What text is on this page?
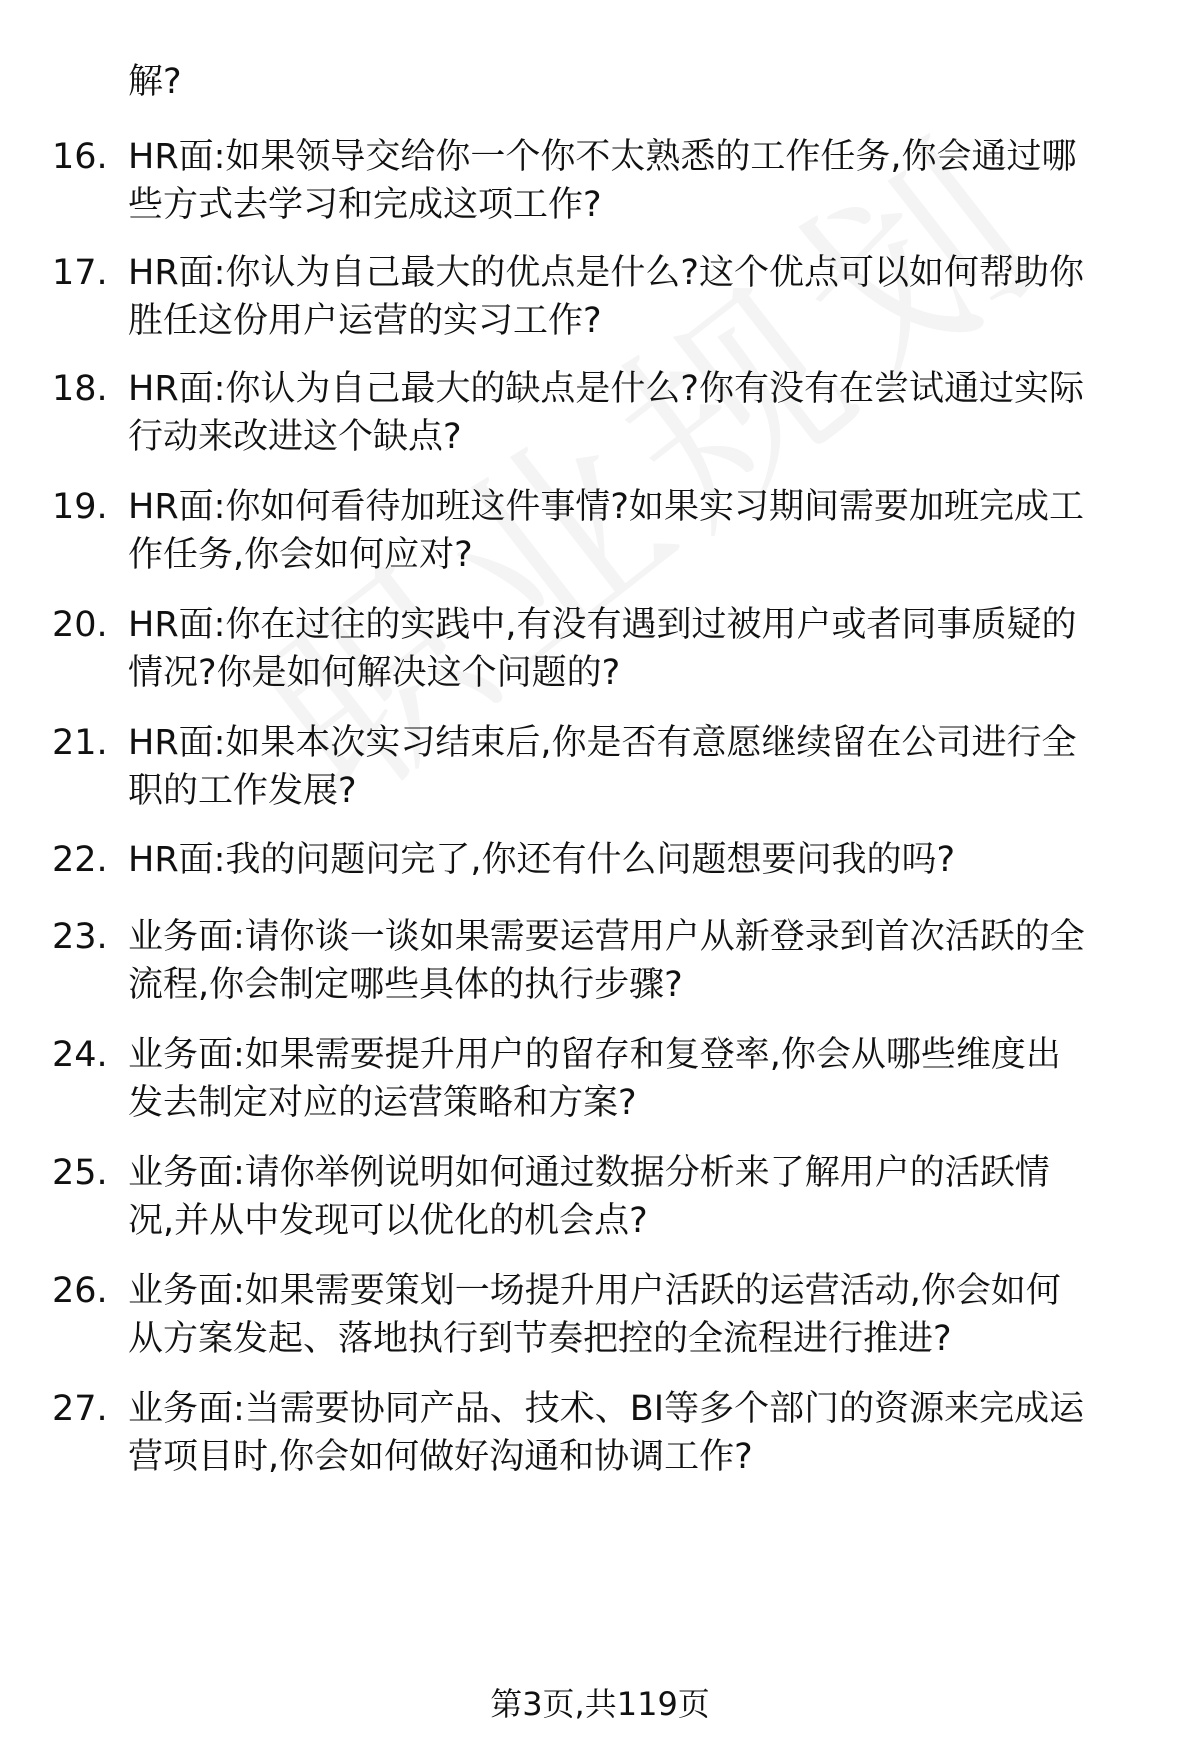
解?
16. HR面:如果领导交给你一个你不太熟悉的工作任务,你会通过哪
些方式去学习和完成这项工作?
17. HR面:你认为自己最大的优点是什么?这个优点可以如何帮助你
胜任这份用户运营的实习工作?
18. HR面:你认为自己最大的缺点是什么?你有没有在尝试通过实际
行动来改进这个缺点?
19. HR面:你如何看待加班这件事情?如果实习期间需要加班完成工
作任务,你会如何应对?
20. HR面:你在过往的实践中,有没有遇到过被用户或者同事质疑的
情况?你是如何解决这个问题的?
21. HR面:如果本次实习结束后,你是否有意愿继续留在公司进行全
职的工作发展?
22. HR面:我的问题问完了,你还有什么问题想要问我的吗?
23. 业务面:请你谈一谈如果需要运营用户从新登录到首次活跃的全
流程,你会制定哪些具体的执行步骤?
24. 业务面:如果需要提升用户的留存和复登率,你会从哪些维度出
发去制定对应的运营策略和方案?
25. 业务面:请你举例说明如何通过数据分析来了解用户的活跃情
况,并从中发现可以优化的机会点?
26. 业务面:如果需要策划一场提升用户活跃的运营活动,你会如何
从方案发起、落地执行到节奏把控的全流程进行推进?
27. 业务面:当需要协同产品、技术、BI等多个部门的资源来完成运
营项目时,你会如何做好沟通和协调工作?
第3页,共119页
